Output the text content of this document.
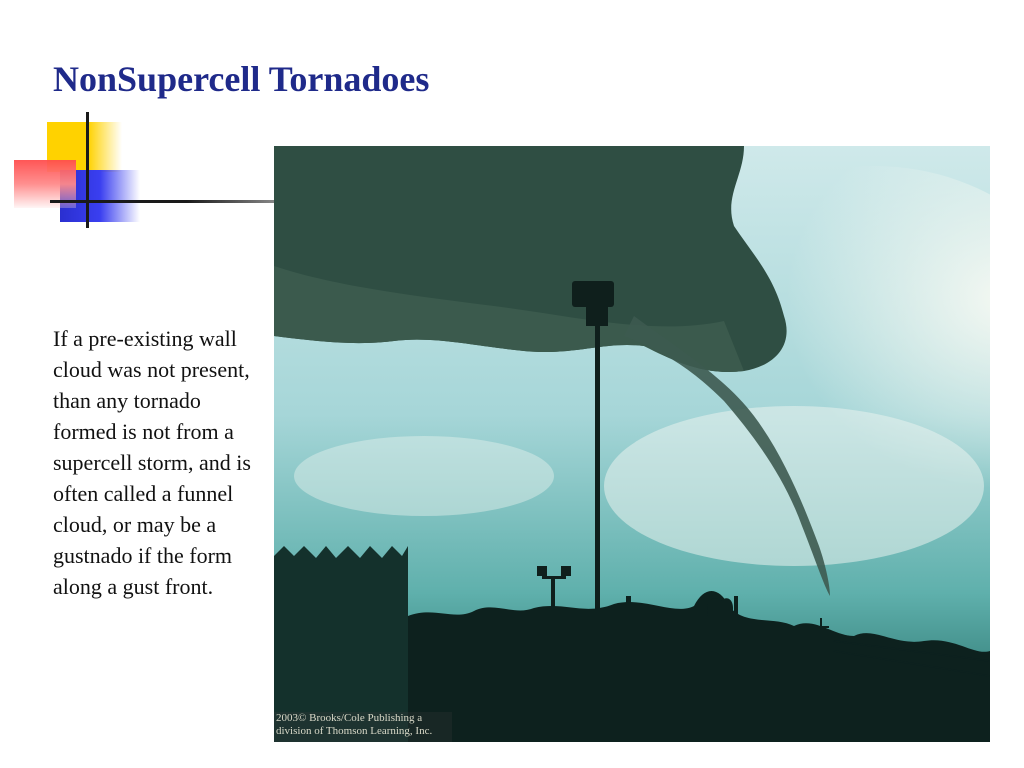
NonSupercell Tornadoes
If a pre-existing wall cloud was not present, than any tornado formed is not from a supercell storm, and is often called a funnel cloud, or may be a gustnado if the form along a gust front.
2003© Brooks/Cole Publishing a
division of Thomson Learning, Inc.
